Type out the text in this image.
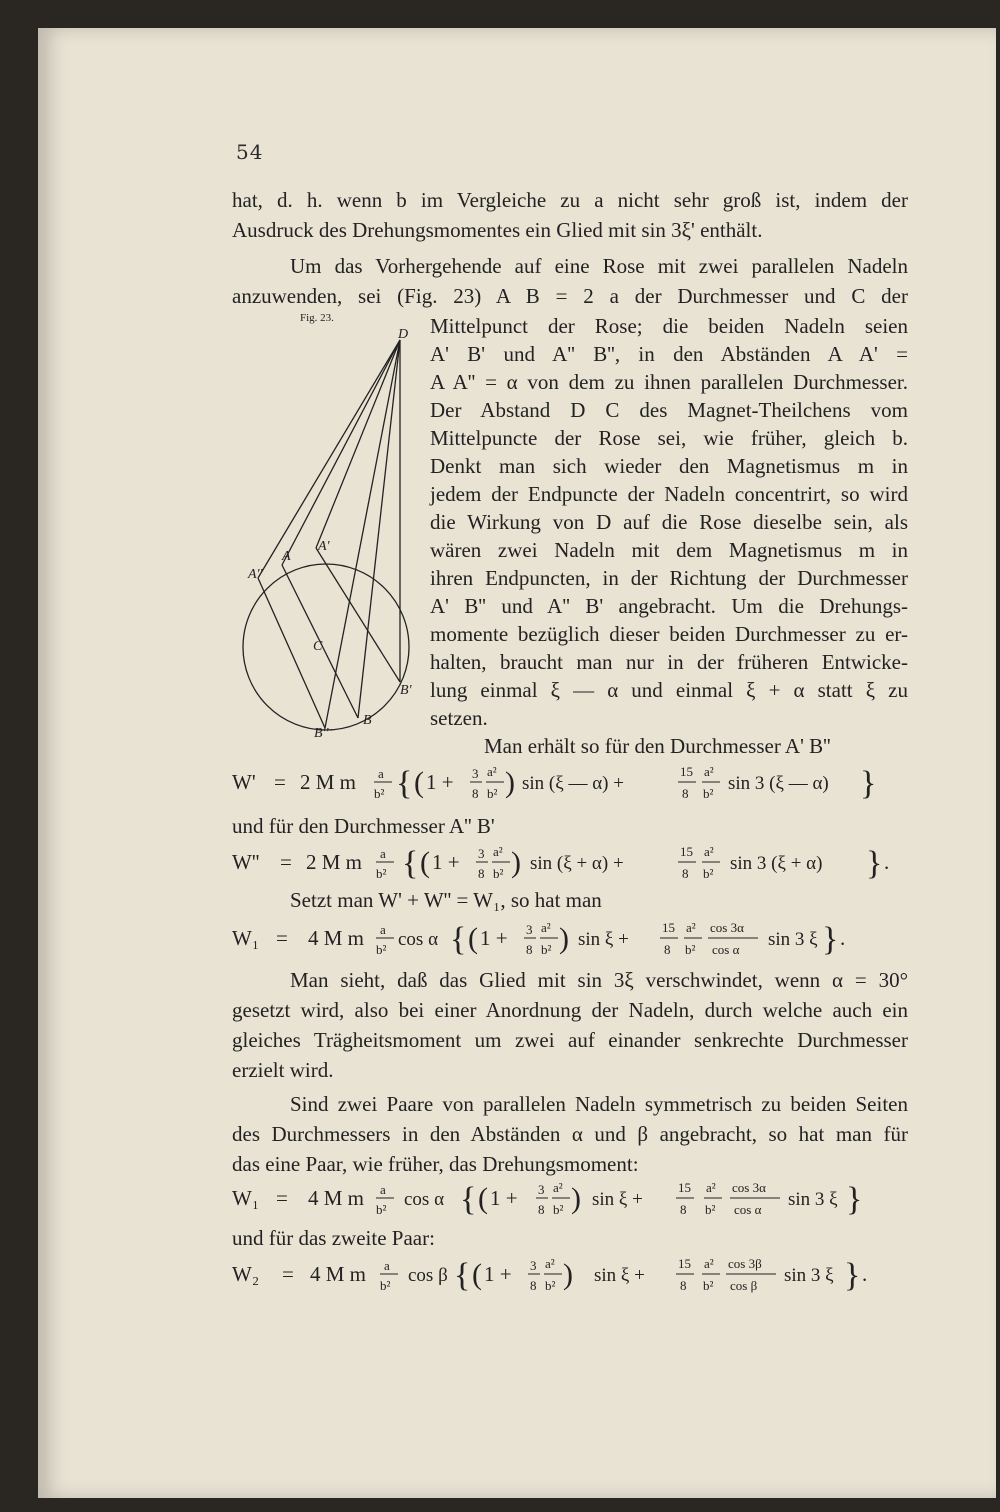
54
hat, d. h. wenn b im Vergleiche zu a nicht sehr groß ist, indem der
Ausdruck des Drehungsmomentes ein Glied mit sin 3ξ' enthält.
Um das Vorhergehende auf eine Rose mit zwei parallelen Nadeln
anzuwenden, sei (Fig. 23) A B = 2 a der Durchmesser und C der
Fig. 23.
D
A
A'
A''
C
B'
B
B''
Mittelpunct der Rose; die beiden Nadeln seien
A' B' und A'' B'', in den Abständen A A' =
A A'' = α von dem zu ihnen parallelen Durchmesser.
Der Abstand D C des Magnet-Theilchens vom
Mittelpuncte der Rose sei, wie früher, gleich b.
Denkt man sich wieder den Magnetismus m in
jedem der Endpuncte der Nadeln concentrirt, so wird
die Wirkung von D auf die Rose dieselbe sein, als
wären zwei Nadeln mit dem Magnetismus m in
ihren Endpuncten, in der Richtung der Durchmesser
A' B'' und A'' B' angebracht. Um die Drehungs-
momente bezüglich dieser beiden Durchmesser zu er-
halten, braucht man nur in der früheren Entwicke-
lung einmal ξ — α und einmal ξ + α statt ξ zu
setzen.
Man erhält so für den Durchmesser A' B''
W' = 2 M m a
b² { ( 1 + 3
8
a²
b² ) sin (ξ — α) +
15
8
a²
b² sin 3 (ξ — α) }
und für den Durchmesser A'' B'
W'' = 2 M m a
b² { ( 1 + 3
8
a²
b² ) sin (ξ + α) +
15
8
a²
b² sin 3 (ξ + α) } .
Setzt man W' + W'' = W₁, so hat man
W₁ = 4 M m a
b² cos α { ( 1 + 3
8
a²
b² ) sin ξ +
15
8
a²
b²
cos 3α
cos α sin 3 ξ } .
Man sieht, daß das Glied mit sin 3ξ verschwindet, wenn α = 30°
gesetzt wird, also bei einer Anordnung der Nadeln, durch welche auch ein
gleiches Trägheitsmoment um zwei auf einander senkrechte Durchmesser
erzielt wird.
Sind zwei Paare von parallelen Nadeln symmetrisch zu beiden Seiten
des Durchmessers in den Abständen α und β angebracht, so hat man für
das eine Paar, wie früher, das Drehungsmoment:
W₁ = 4 M m a
b² cos α { ( 1 + 3
8
a²
b² ) sin ξ +
15
8
a²
b²
cos 3α
cos α sin 3 ξ }
und für das zweite Paar:
W₂ = 4 M m a
b² cos β { ( 1 + 3
8
a²
b² ) sin ξ +
15
8
a²
b²
cos 3β
cos β sin 3 ξ } .
